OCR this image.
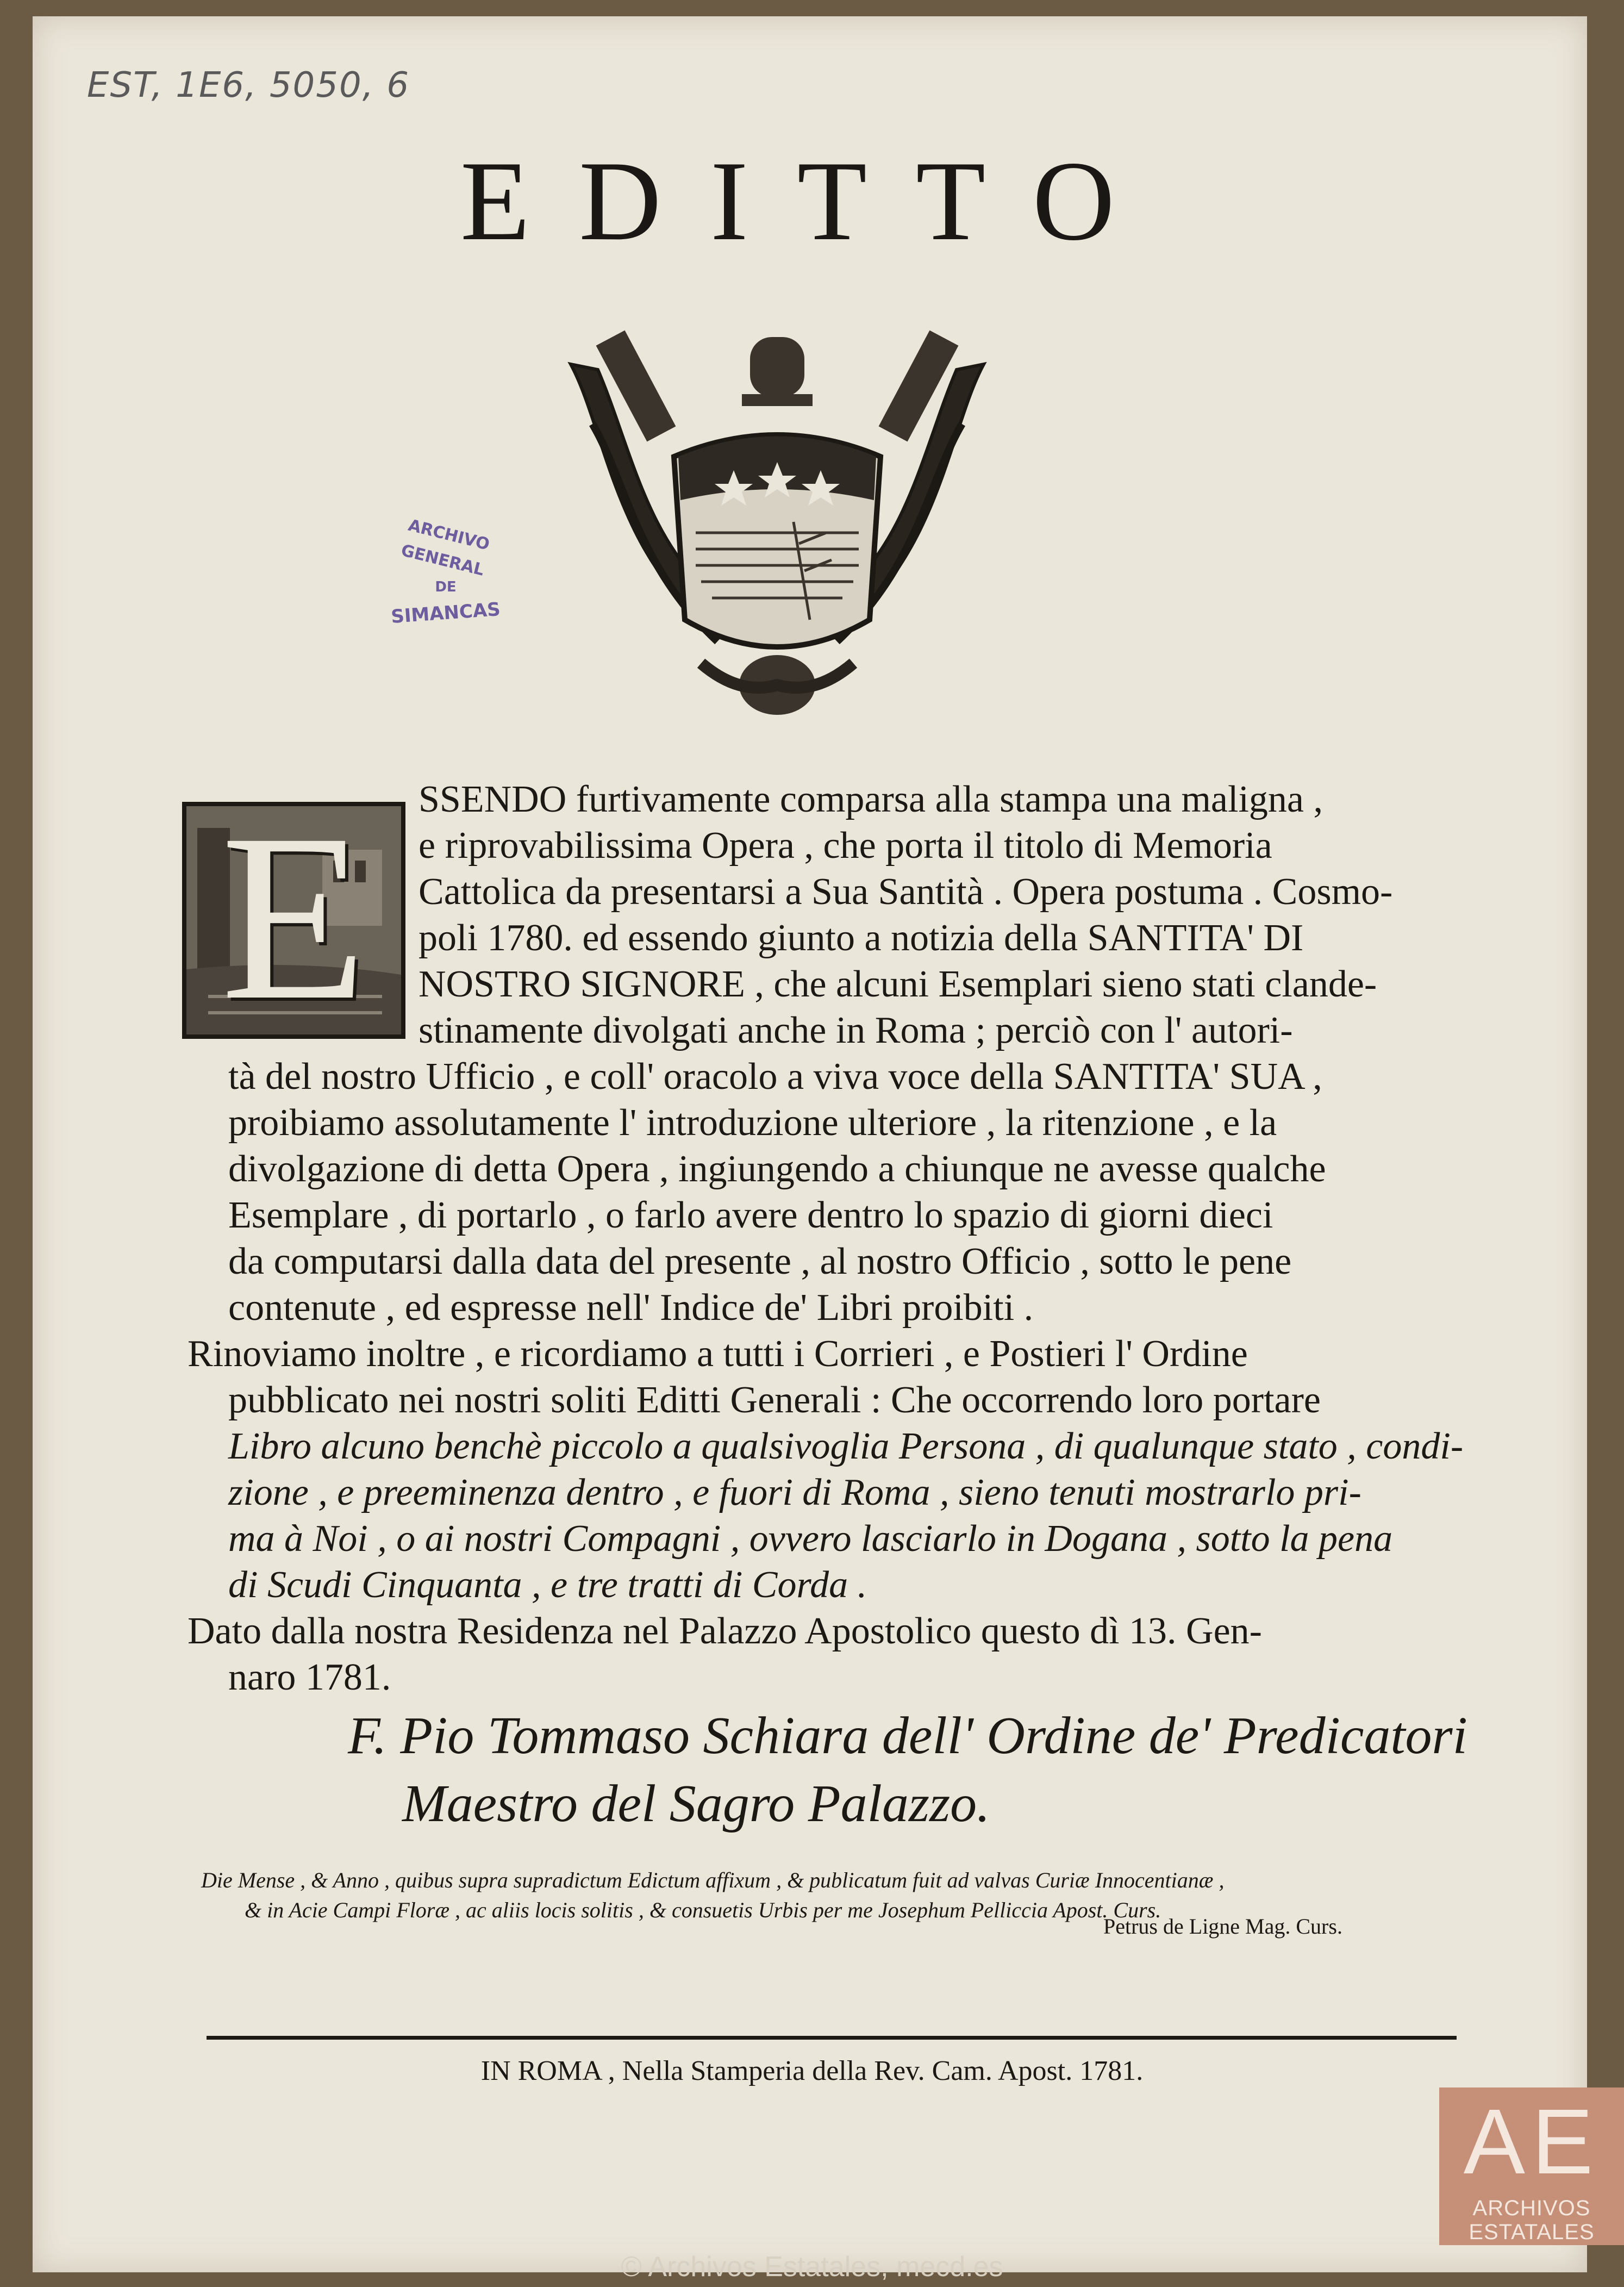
EST, 1E6, 5050, 6
EDITTO
ARCHIVO GENERAL
DE
SIMANCAS
E	SSENDO furtivamente comparsa alla stampa una maligna ,
e riprovabilissima Opera , che porta il titolo di Memoria
Cattolica da presentarsi a Sua Santità . Opera postuma . Cosmo-
poli 1780. ed essendo giunto a notizia della SANTITA' DI
NOSTRO SIGNORE , che alcuni Esemplari sieno stati clande-
stinamente divolgati anche in Roma ; perciò con l' autori-
tà del nostro Ufficio , e coll' oracolo a viva voce della SANTITA' SUA ,
proibiamo assolutamente l' introduzione ulteriore , la ritenzione , e la
divolgazione di detta Opera , ingiungendo a chiunque ne avesse qualche
Esemplare , di portarlo , o farlo avere dentro lo spazio di giorni dieci
da computarsi dalla data del presente , al nostro Officio , sotto le pene
contenute , ed espresse nell' Indice de' Libri proibiti .
Rinoviamo inoltre , e ricordiamo a tutti i Corrieri , e Postieri l' Ordine
pubblicato nei nostri soliti Editti Generali : Che occorrendo loro portare
Libro alcuno benchè piccolo a qualsivoglia Persona , di qualunque stato , condi-
zione , e preeminenza dentro , e fuori di Roma , sieno tenuti mostrarlo pri-
ma à Noi , o ai nostri Compagni , ovvero lasciarlo in Dogana , sotto la pena
di Scudi Cinquanta , e tre tratti di Corda .
Dato dalla nostra Residenza nel Palazzo Apostolico questo dì 13. Gen-
naro 1781.
F. Pio Tommaso Schiara dell' Ordine de' Predicatori
Maestro del Sagro Palazzo.
Die Mense , & Anno , quibus supra supradictum Edictum affixum , & publicatum fuit ad valvas Curiæ Innocentianæ ,
& in Acie Campi Floræ , ac aliis locis solitis , & consuetis Urbis per me Josephum Pelliccia Apost. Curs.
Petrus de Ligne Mag. Curs.
IN ROMA , Nella Stamperia della Rev. Cam. Apost. 1781.
AE
ARCHIVOS
ESTATALES
© Archivos Estatales, mecd.es
